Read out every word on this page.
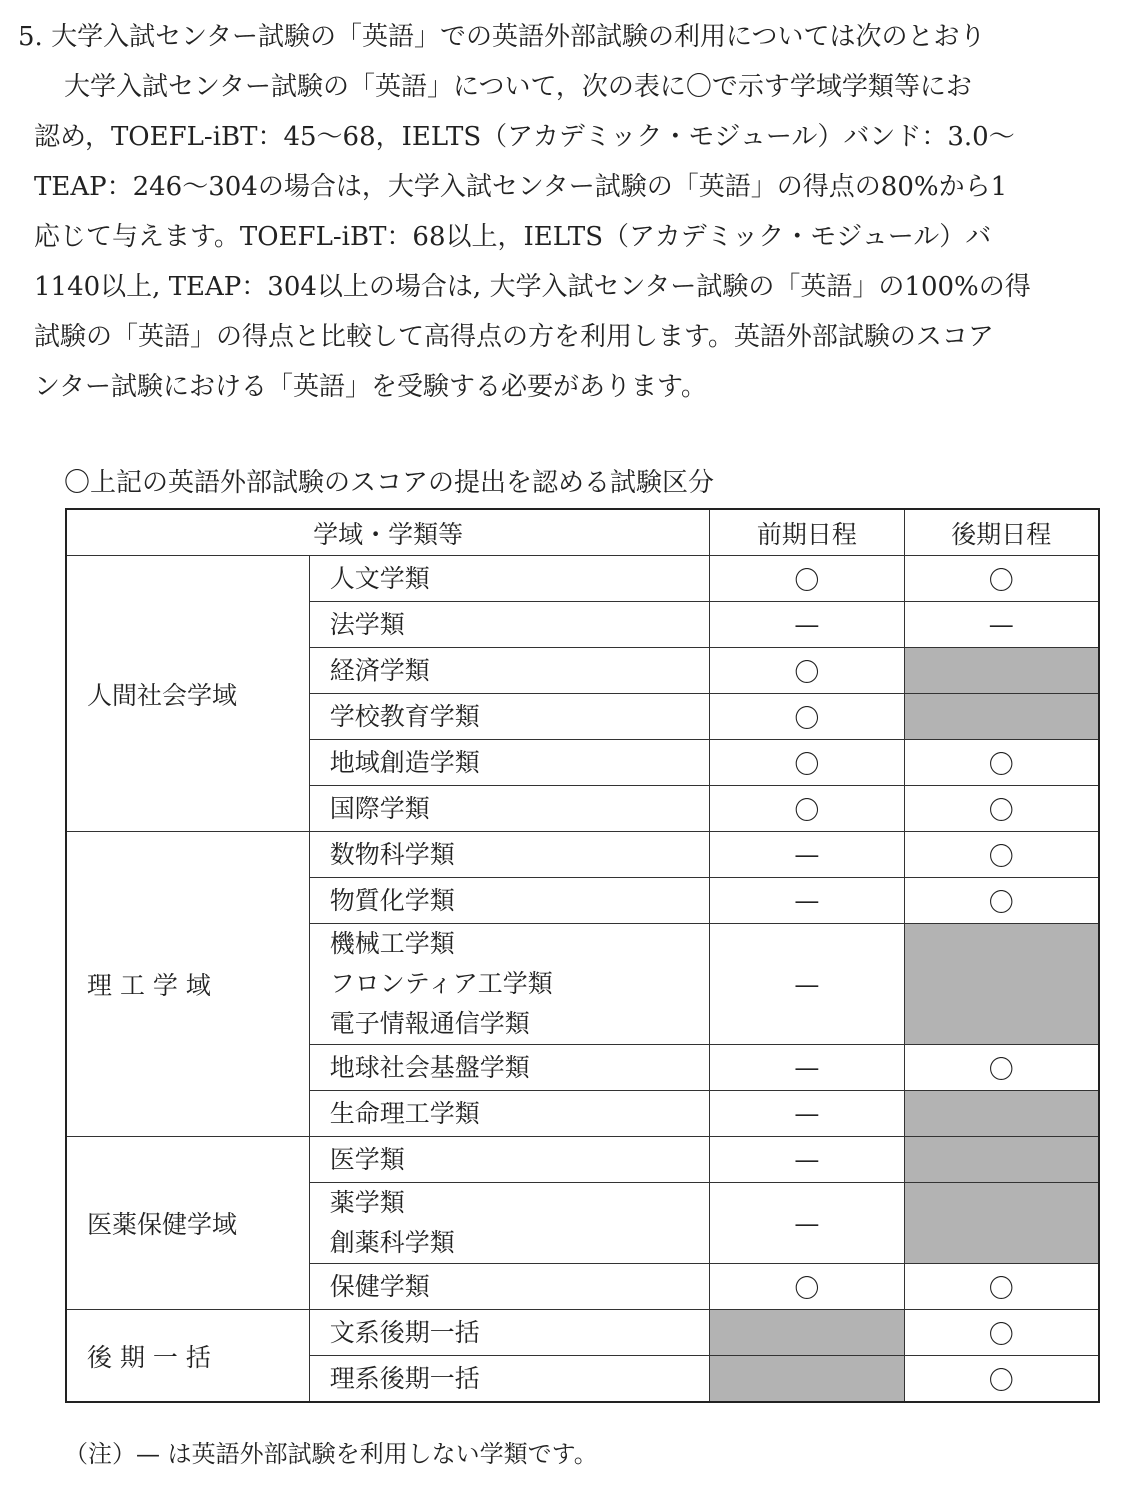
5. 大学入試センター試験の「英語」での英語外部試験の利用については次のとおり
大学入試センター試験の「英語」について，次の表に〇で示す学域学類等にお
認め，TOEFL-iBT：45〜68，IELTS（アカデミック・モジュール）バンド：3.0〜
TEAP：246〜304の場合は，大学入試センター試験の「英語」の得点の80%から1
応じて与えます。TOEFL-iBT：68以上，IELTS（アカデミック・モジュール）バ
1140以上, TEAP：304以上の場合は, 大学入試センター試験の「英語」の100%の得
試験の「英語」の得点と比較して高得点の方を利用します。英語外部試験のスコア
ンター試験における「英語」を受験する必要があります。
〇上記の英語外部試験のスコアの提出を認める試験区分
学域・学類等		前期日程	後期日程
人間社会学域	人文学類	〇	〇

	法学類	—	—

	経済学類	〇	

	学校教育学類	〇	

	地域創造学類	〇	〇

	国際学類	〇	〇
理 工 学 域	数物科学類	—	〇

	物質化学類	—	〇

	機械工学類
フロンティア工学類
電子情報通信学類	—	

	地球社会基盤学類	—	〇

	生命理工学類	—	
医薬保健学域	医学類	—	

	薬学類
創薬科学類	—	

	保健学類	〇	〇
後 期 一 括	文系後期一括		〇

	理系後期一括		〇
（注）— は英語外部試験を利用しない学類です。
